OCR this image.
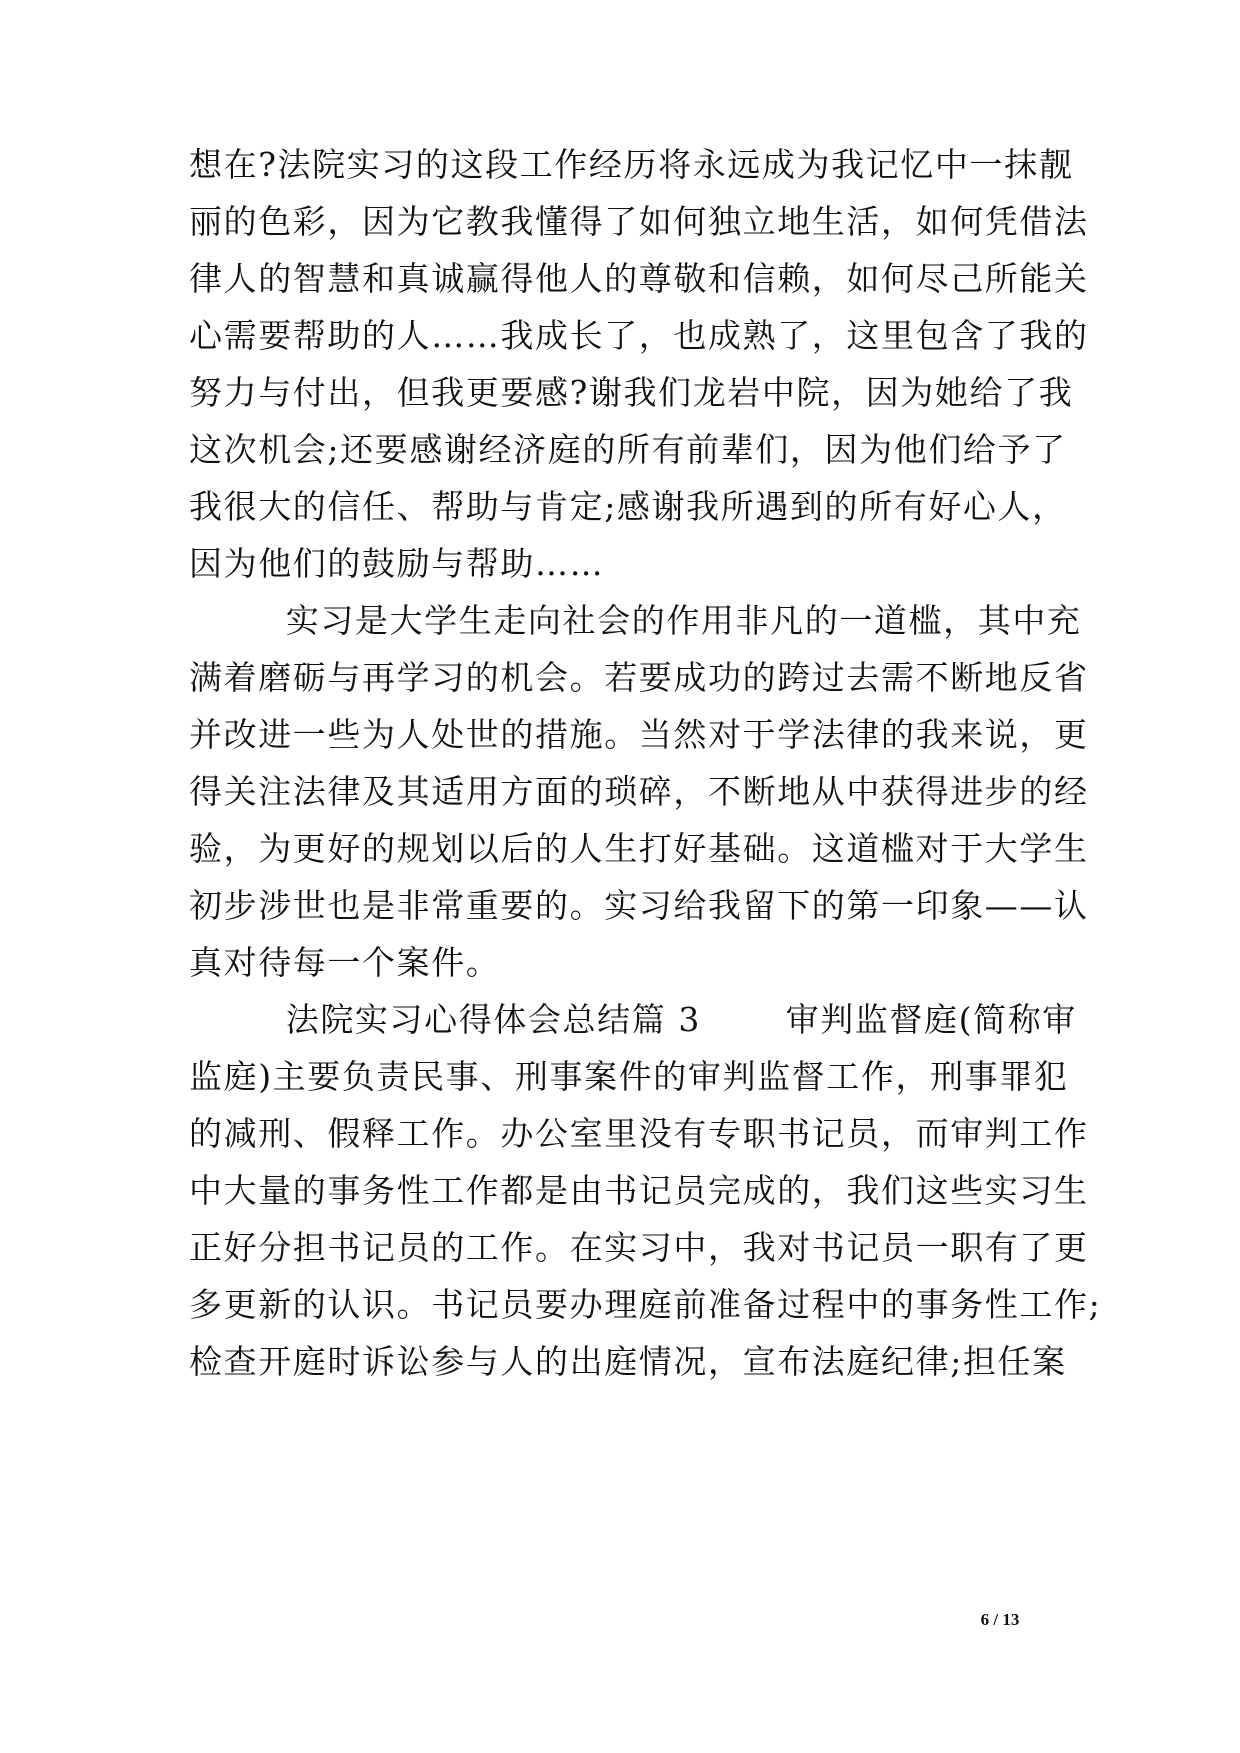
想在?法院实习的这段工作经历将永远成为我记忆中一抹靓
丽的色彩，因为它教我懂得了如何独立地生活，如何凭借法
律人的智慧和真诚赢得他人的尊敬和信赖，如何尽己所能关
心需要帮助的人……我成长了，也成熟了，这里包含了我的
努力与付出，但我更要感?谢我们龙岩中院，因为她给了我
这次机会;还要感谢经济庭的所有前辈们，因为他们给予了
我很大的信任、帮助与肯定;感谢我所遇到的所有好心人，
因为他们的鼓励与帮助……
实习是大学生走向社会的作用非凡的一道槛，其中充
满着磨砺与再学习的机会。若要成功的跨过去需不断地反省
并改进一些为人处世的措施。当然对于学法律的我来说，更
得关注法律及其适用方面的琐碎，不断地从中获得进步的经
验，为更好的规划以后的人生打好基础。这道槛对于大学生
初步涉世也是非常重要的。实习给我留下的第一印象——认
真对待每一个案件。
法院实习心得体会总结篇 3       审判监督庭(简称审
监庭)主要负责民事、刑事案件的审判监督工作，刑事罪犯
的减刑、假释工作。办公室里没有专职书记员，而审判工作
中大量的事务性工作都是由书记员完成的，我们这些实习生
正好分担书记员的工作。在实习中，我对书记员一职有了更
多更新的认识。书记员要办理庭前准备过程中的事务性工作;
检查开庭时诉讼参与人的出庭情况，宣布法庭纪律;担任案
6 / 13
